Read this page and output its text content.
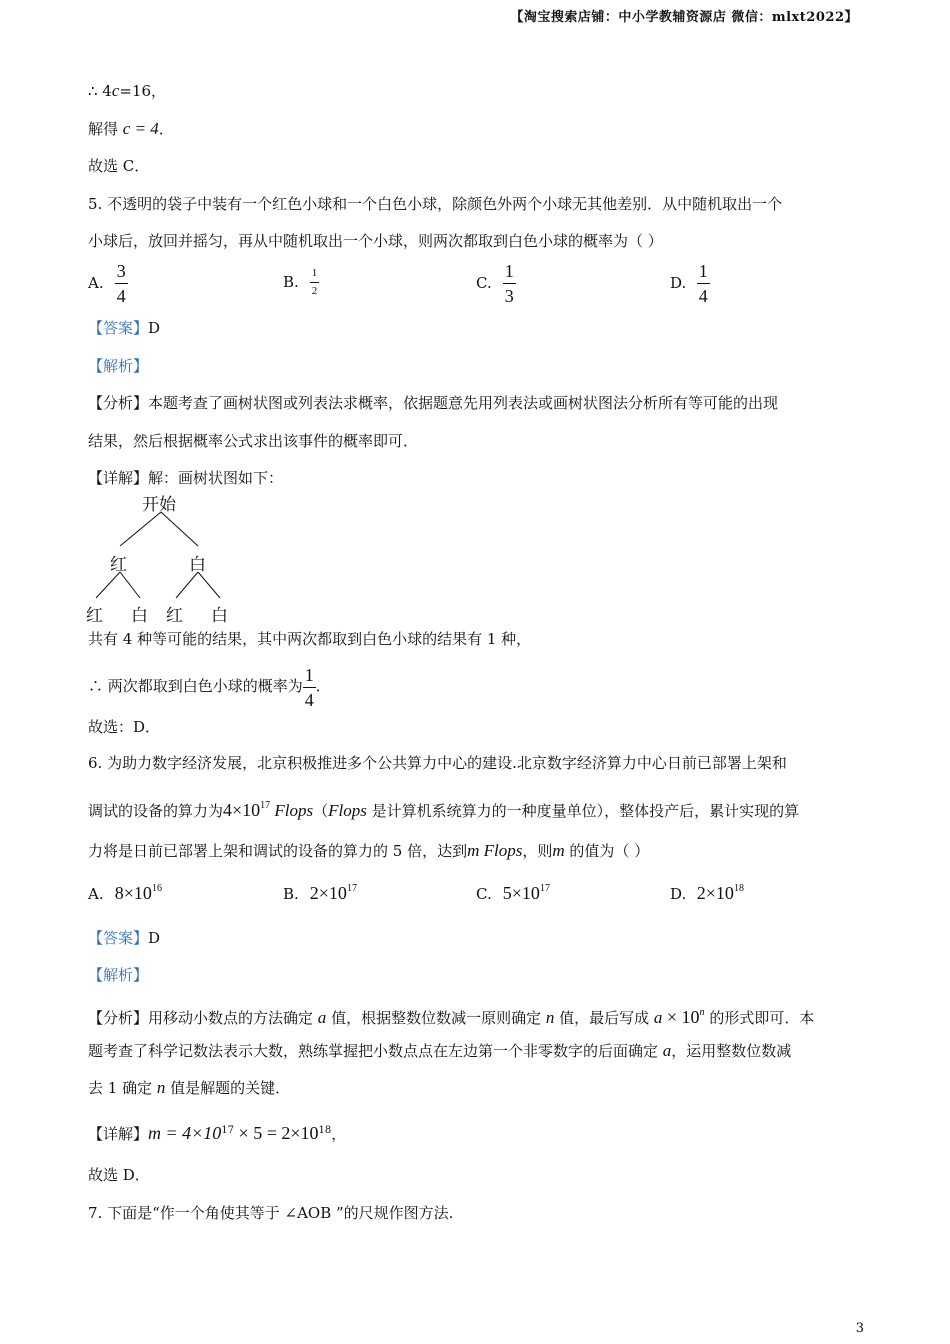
【淘宝搜索店铺：中小学教辅资源店 微信：mlxt2022】
∴ 4c=16，
解得 c = 4．
故选 C．
5. 不透明的袋子中装有一个红色小球和一个白色小球，除颜色外两个小球无其他差别．从中随机取出一个
小球后，放回并摇匀，再从中随机取出一个小球，则两次都取到白色小球的概率为（ ）
A. $\frac{3}{4}$	B. $\frac{1}{2}$	C. $\frac{1}{3}$	D. $\frac{1}{4}$
【答案】D
【解析】
【分析】本题考查了画树状图或列表法求概率，依据题意先用列表法或画树状图法分析所有等可能的出现
结果，然后根据概率公式求出该事件的概率即可．
【详解】解：画树状图如下：
开始
红	白
红 白 红 白
共有 4 种等可能的结果，其中两次都取到白色小球的结果有 1 种，
∴ 两次都取到白色小球的概率为 $\frac{1}{4}$ ．
故选：D．
6. 为助力数字经济发展，北京积极推进多个公共算力中心的建设.北京数字经济算力中心日前已部署上架和
调试的设备的算力为$4\times 10^{17}$ Flops（Flops 是计算机系统算力的一种度量单位），整体投产后，累计实现的算
力将是日前已部署上架和调试的设备的算力的 5 倍，达到m Flops，则m 的值为（ ）
A. $8\times 10^{16}$	B. $2\times 10^{17}$	C. $5\times 10^{17}$	D. $2\times 10^{18}$
【答案】D
【解析】
【分析】用移动小数点的方法确定 a 值，根据整数位数减一原则确定 n 值，最后写成 $a \times 10^n$ 的形式即可．本
题考查了科学记数法表示大数，熟练掌握把小数点点在左边第一个非零数字的后面确定 a，运用整数位数减
去 1 确定 n 值是解题的关键．
【详解】$m = 4\times 10^{17} \times 5 = 2\times 10^{18}$，
故选 D．
7. 下面是“作一个角使其等于 ∠AOB ”的尺规作图方法.
3
